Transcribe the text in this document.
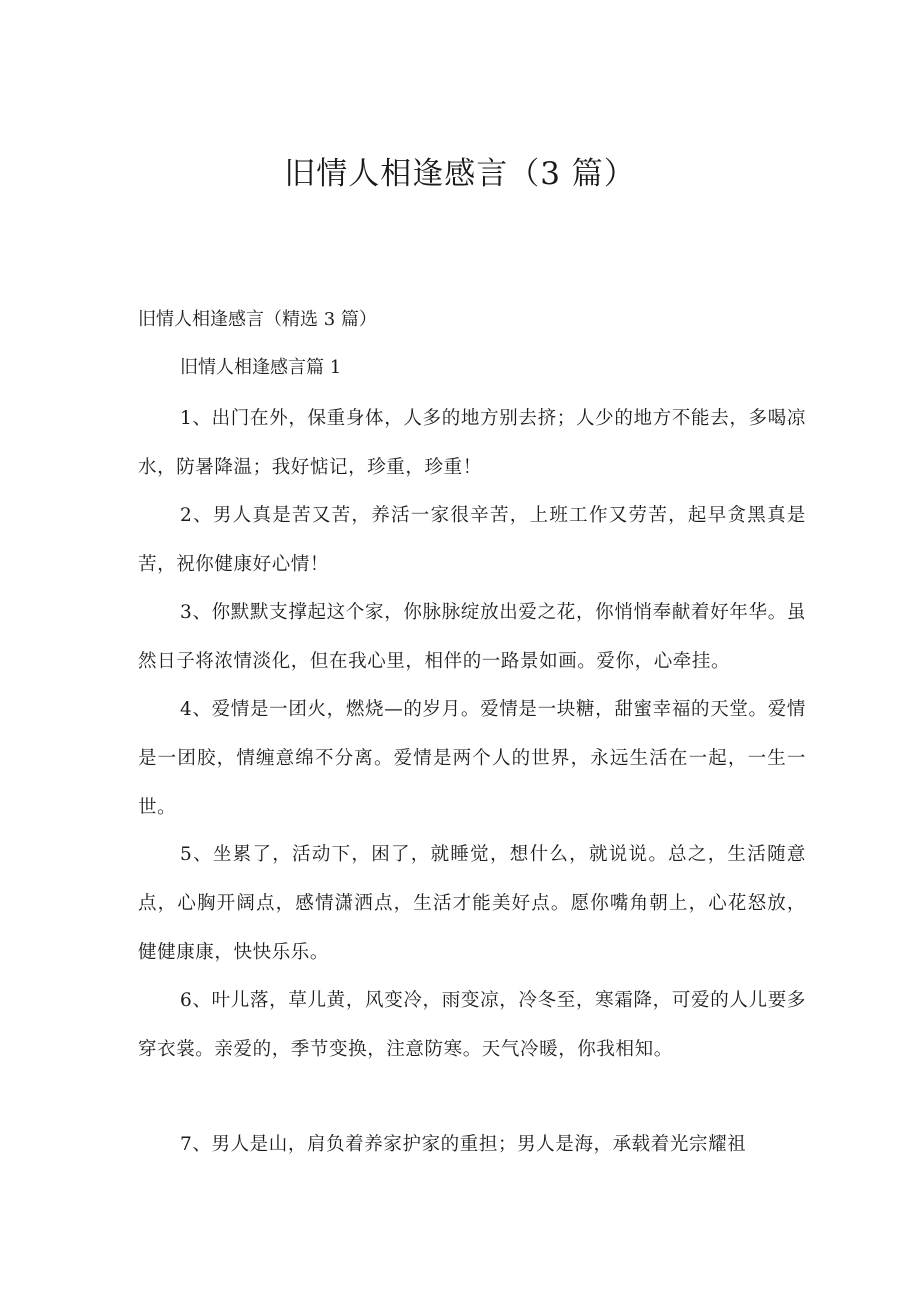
旧情人相逢感言（3 篇）

旧情人相逢感言（精选 3 篇）

旧情人相逢感言篇 1

1、出门在外，保重身体，人多的地方别去挤；人少的地方不能去，多喝凉水，防暑降温；我好惦记，珍重，珍重！

2、男人真是苦又苦，养活一家很辛苦，上班工作又劳苦，起早贪黑真是苦，祝你健康好心情！

3、你默默支撑起这个家，你脉脉绽放出爱之花，你悄悄奉献着好年华。虽然日子将浓情淡化，但在我心里，相伴的一路景如画。爱你，心牵挂。

4、爱情是一团火，燃烧—的岁月。爱情是一块糖，甜蜜幸福的天堂。爱情是一团胶，情缠意绵不分离。爱情是两个人的世界，永远生活在一起，一生一世。

5、坐累了，活动下，困了，就睡觉，想什么，就说说。总之，生活随意点，心胸开阔点，感情潇洒点，生活才能美好点。愿你嘴角朝上，心花怒放，健健康康，快快乐乐。

6、叶儿落，草儿黄，风变冷，雨变凉，冷冬至，寒霜降，可爱的人儿要多穿衣裳。亲爱的，季节变换，注意防寒。天气冷暖，你我相知。

7、男人是山，肩负着养家护家的重担；男人是海，承载着光宗耀祖
